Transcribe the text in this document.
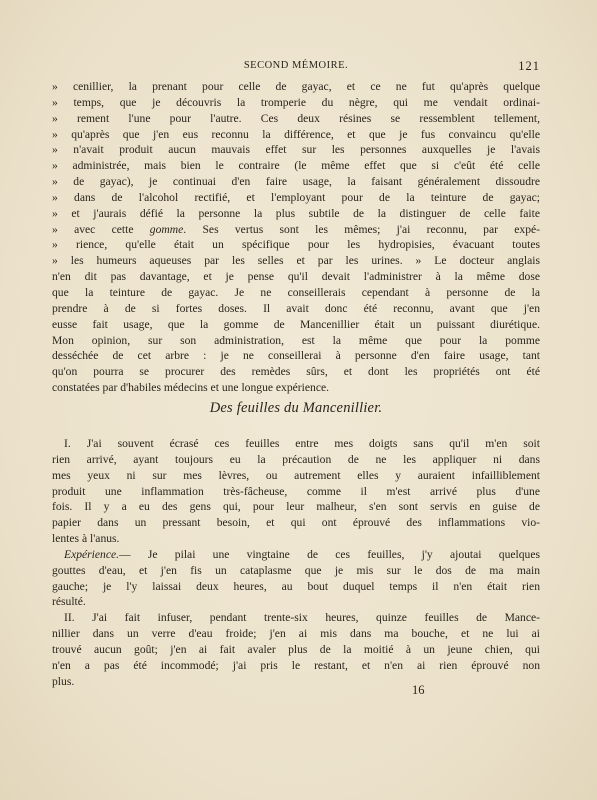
SECOND MÉMOIRE.	121
» cenillier, la prenant pour celle de gayac, et ce ne fut qu'après quelque
» temps, que je découvris la tromperie du nègre, qui me vendait ordinai-
» rement l'une pour l'autre. Ces deux résines se ressemblent tellement,
» qu'après que j'en eus reconnu la différence, et que je fus convaincu qu'elle
» n'avait produit aucun mauvais effet sur les personnes auxquelles je l'avais
» administrée, mais bien le contraire (le même effet que si c'eût été celle
» de gayac), je continuai d'en faire usage, la faisant généralement dissoudre
» dans de l'alcohol rectifié, et l'employant pour de la teinture de gayac;
» et j'aurais défié la personne la plus subtile de la distinguer de celle faite
» avec cette gomme. Ses vertus sont les mêmes; j'ai reconnu, par expé-
» rience, qu'elle était un spécifique pour les hydropisies, évacuant toutes
» les humeurs aqueuses par les selles et par les urines. » Le docteur anglais
n'en dit pas davantage, et je pense qu'il devait l'administrer à la même dose
que la teinture de gayac. Je ne conseillerais cependant à personne de la
prendre à de si fortes doses. Il avait donc été reconnu, avant que j'en
eusse fait usage, que la gomme de Mancenillier était un puissant diurétique.
Mon opinion, sur son administration, est la même que pour la pomme
desséchée de cet arbre : je ne conseillerai à personne d'en faire usage, tant
qu'on pourra se procurer des remèdes sûrs, et dont les propriétés ont été
constatées par d'habiles médecins et une longue expérience.
Des feuilles du Mancenillier.
I. J'ai souvent écrasé ces feuilles entre mes doigts sans qu'il m'en soit
rien arrivé, ayant toujours eu la précaution de ne les appliquer ni dans
mes yeux ni sur mes lèvres, ou autrement elles y auraient infailliblement
produit une inflammation très-fâcheuse, comme il m'est arrivé plus d'une
fois. Il y a eu des gens qui, pour leur malheur, s'en sont servis en guise de
papier dans un pressant besoin, et qui ont éprouvé des inflammations vio-
lentes à l'anus.
Expérience.— Je pilai une vingtaine de ces feuilles, j'y ajoutai quelques
gouttes d'eau, et j'en fis un cataplasme que je mis sur le dos de ma main
gauche; je l'y laissai deux heures, au bout duquel temps il n'en était rien
résulté.
II. J'ai fait infuser, pendant trente-six heures, quinze feuilles de Mance-
nillier dans un verre d'eau froide; j'en ai mis dans ma bouche, et ne lui ai
trouvé aucun goût; j'en ai fait avaler plus de la moitié à un jeune chien, qui
n'en a pas été incommodé; j'ai pris le restant, et n'en ai rien éprouvé non
plus.
16
